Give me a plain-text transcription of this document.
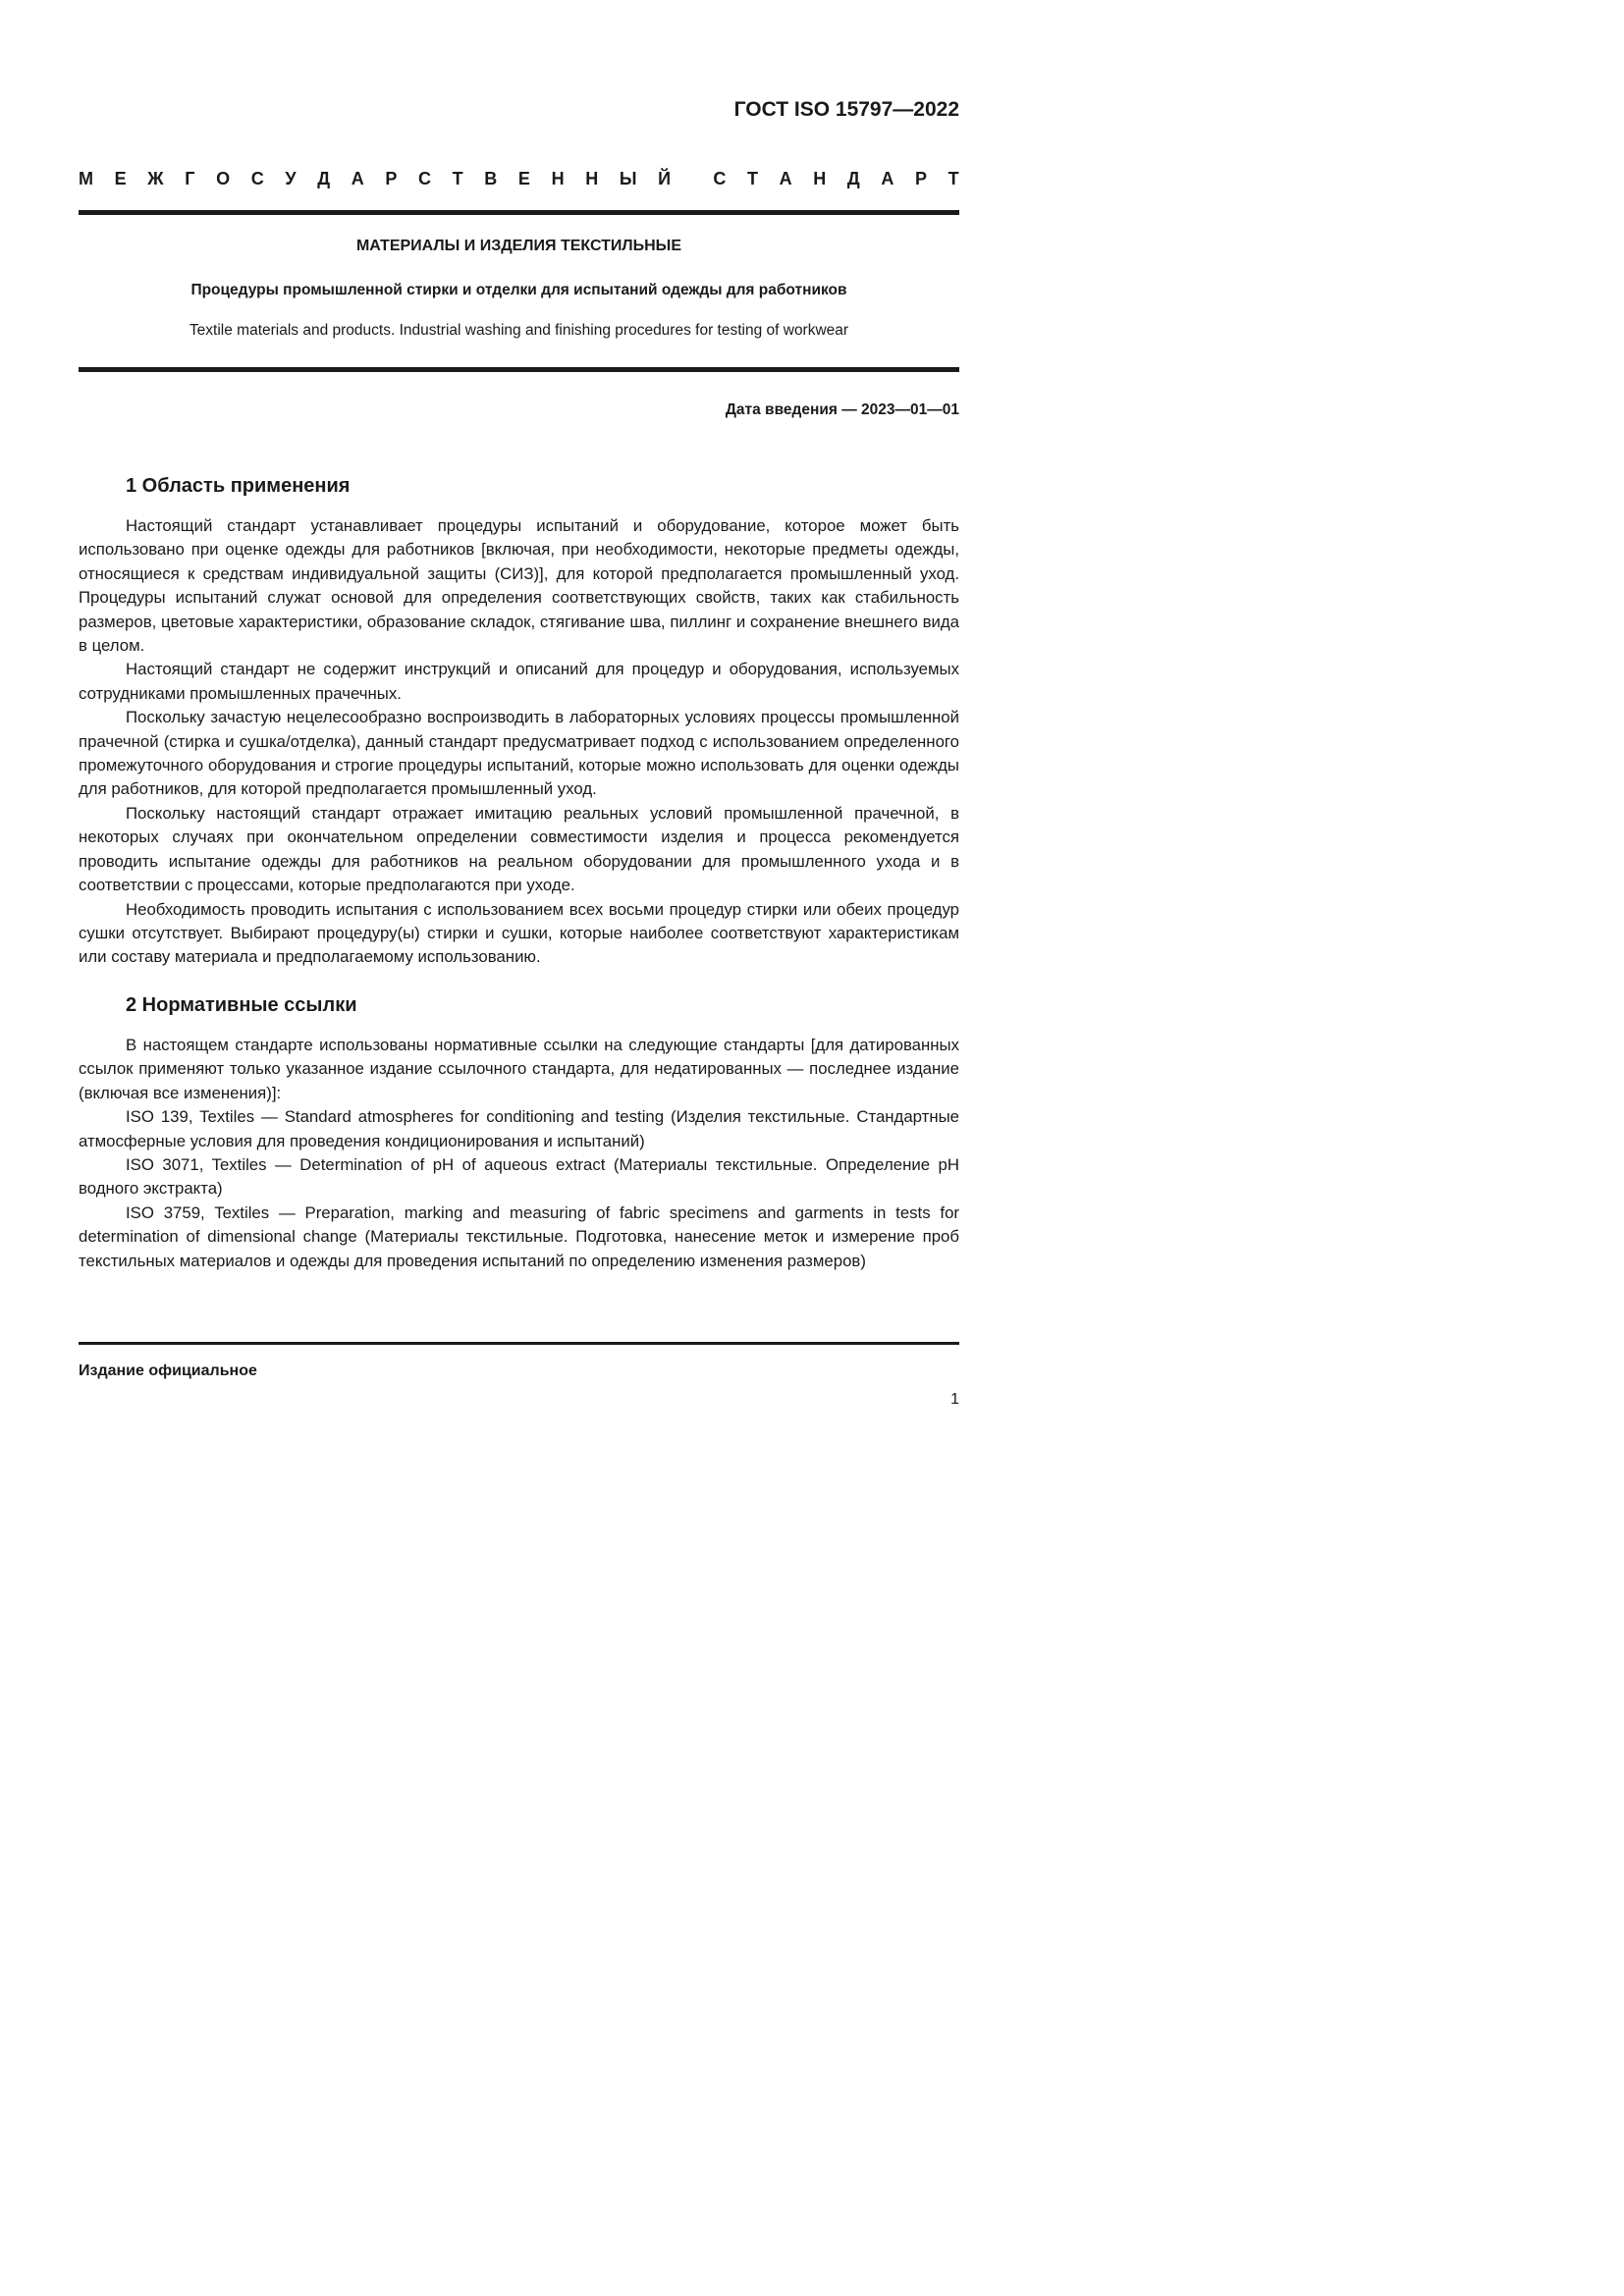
ГОСТ ISO 15797—2022
М Е Ж Г О С У Д А Р С Т В Е Н Н Ы Й С Т А Н Д А Р Т
МАТЕРИАЛЫ И ИЗДЕЛИЯ ТЕКСТИЛЬНЫЕ
Процедуры промышленной стирки и отделки для испытаний одежды для работников
Textile materials and products. Industrial washing and finishing procedures for testing of workwear
Дата введения — 2023—01—01
1 Область применения

Настоящий стандарт устанавливает процедуры испытаний и оборудование, которое может быть использовано при оценке одежды для работников [включая, при необходимости, некоторые предметы одежды, относящиеся к средствам индивидуальной защиты (СИЗ)], для которой предполагается промышленный уход. Процедуры испытаний служат основой для определения соответствующих свойств, таких как стабильность размеров, цветовые характеристики, образование складок, стягивание шва, пиллинг и сохранение внешнего вида в целом.

Настоящий стандарт не содержит инструкций и описаний для процедур и оборудования, используемых сотрудниками промышленных прачечных.

Поскольку зачастую нецелесообразно воспроизводить в лабораторных условиях процессы промышленной прачечной (стирка и сушка/отделка), данный стандарт предусматривает подход с использованием определенного промежуточного оборудования и строгие процедуры испытаний, которые можно использовать для оценки одежды для работников, для которой предполагается промышленный уход.

Поскольку настоящий стандарт отражает имитацию реальных условий промышленной прачечной, в некоторых случаях при окончательном определении совместимости изделия и процесса рекомендуется проводить испытание одежды для работников на реальном оборудовании для промышленного ухода и в соответствии с процессами, которые предполагаются при уходе.

Необходимость проводить испытания с использованием всех восьми процедур стирки или обеих процедур сушки отсутствует. Выбирают процедуру(ы) стирки и сушки, которые наиболее соответствуют характеристикам или составу материала и предполагаемому использованию.

2 Нормативные ссылки

В настоящем стандарте использованы нормативные ссылки на следующие стандарты [для датированных ссылок применяют только указанное издание ссылочного стандарта, для недатированных — последнее издание (включая все изменения)]:

ISO 139, Textiles — Standard atmospheres for conditioning and testing (Изделия текстильные. Стандартные атмосферные условия для проведения кондиционирования и испытаний)

ISO 3071, Textiles — Determination of pH of aqueous extract (Материалы текстильные. Определение pH водного экстракта)

ISO 3759, Textiles — Preparation, marking and measuring of fabric specimens and garments in tests for determination of dimensional change (Материалы текстильные. Подготовка, нанесение меток и измерение проб текстильных материалов и одежды для проведения испытаний по определению изменения размеров)

Издание официальное
1
